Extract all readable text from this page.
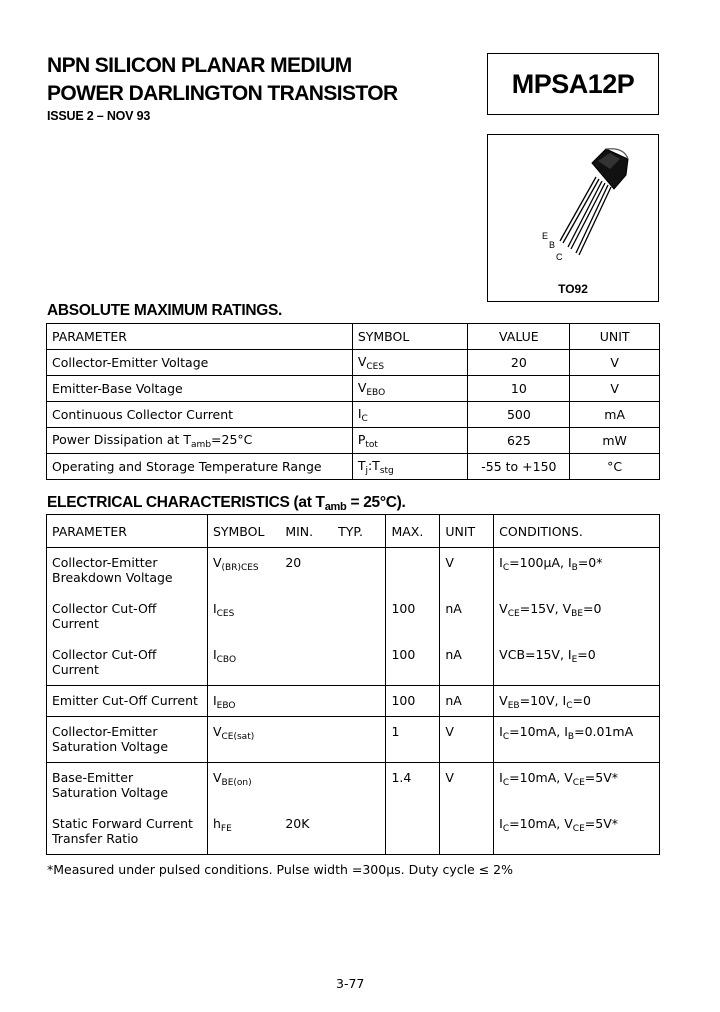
NPN SILICON PLANAR MEDIUM
POWER DARLINGTON TRANSISTOR
ISSUE 2 – NOV 93
MPSA12P
E
B
C
TO92
ABSOLUTE MAXIMUM RATINGS.
PARAMETER	SYMBOL	VALUE	UNIT
Collector-Emitter Voltage	$V_{CES}$	20	V
Emitter-Base Voltage	$V_{EBO}$	10	V
Continuous Collector Current	$I_C$	500	mA
Power Dissipation at $T_{amb}=25^\circ C$	$P_{tot}$	625	mW
Operating and Storage Temperature Range	$T_j:T_{stg}$	-55 to +150	°C
ELECTRICAL CHARACTERISTICS (at $T_{amb} = 25^\circ C$).
PARAMETER	SYMBOL	MIN.	TYP.	MAX.	UNIT	CONDITIONS.
Collector-Emitter
Breakdown Voltage	$V_{(BR)CES}$	20			V	$I_C=100\mu A$, $I_B=0*$
Collector Cut-Off
Current	$I_{CES}$			100	nA	$V_{CE}=15V$, $V_{BE}=0$
Collector Cut-Off
Current	$I_{CBO}$			100	nA	VCB=15V, $I_E=0$
Emitter Cut-Off Current	$I_{EBO}$			100	nA	$V_{EB}=10V$, $I_C=0$
Collector-Emitter
Saturation Voltage	$V_{CE(sat)}$			1	V	$I_C=10mA$, $I_B=0.01mA$
Base-Emitter
Saturation Voltage	$V_{BE(on)}$			1.4	V	$I_C=10mA$, $V_{CE}=5V*$
Static Forward Current
Transfer Ratio	$h_{FE}$	20K				$I_C=10mA$, $V_{CE}=5V*$
*Measured under pulsed conditions. Pulse width =300μs. Duty cycle ≤ 2%
3-77
